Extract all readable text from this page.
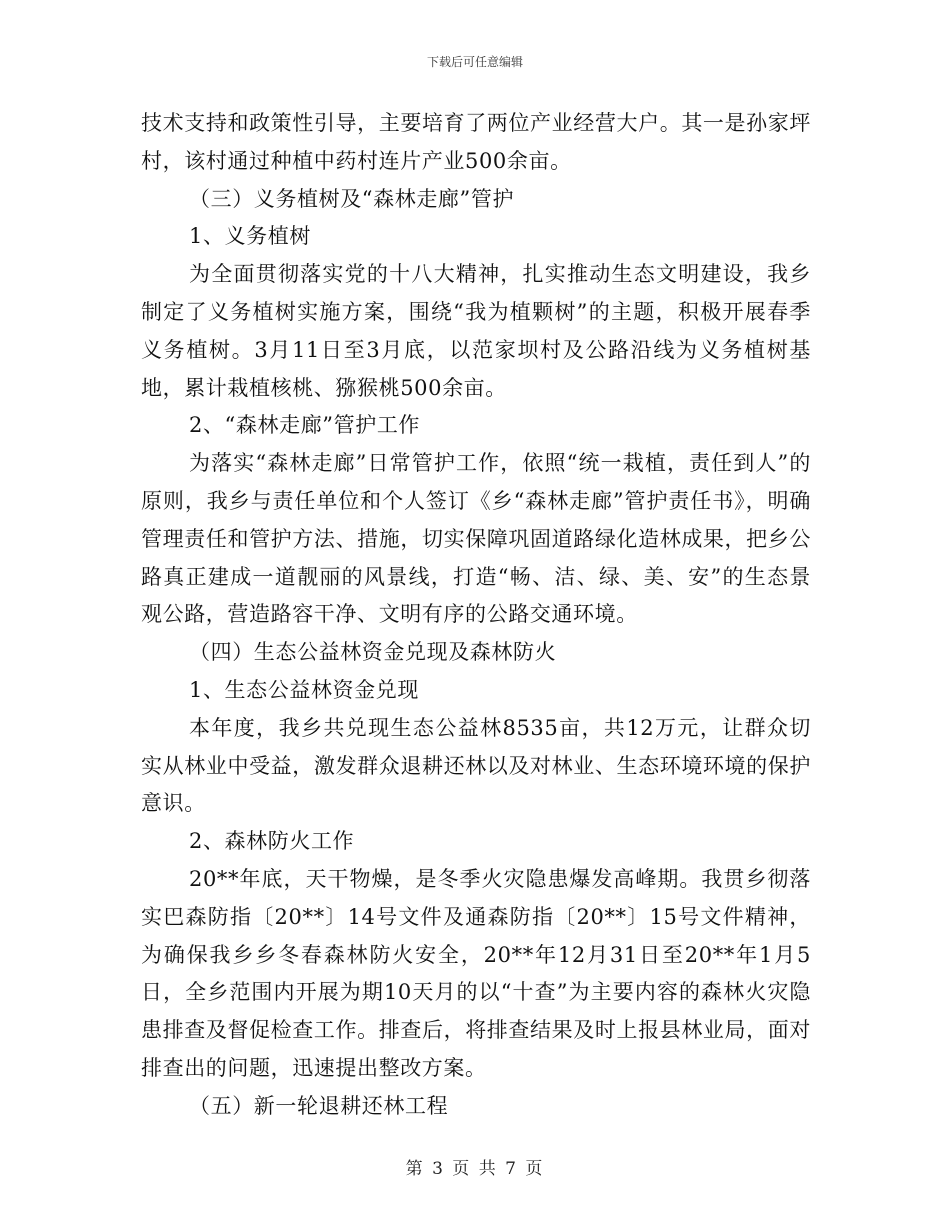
下载后可任意编辑

技术支持和政策性引导，主要培育了两位产业经营大户。其一是孙家坪村，该村通过种植中药村连片产业500余亩。

（三）义务植树及“森林走廊”管护

1、义务植树

为全面贯彻落实党的十八大精神，扎实推动生态文明建设，我乡制定了义务植树实施方案，围绕“我为植颗树”的主题，积极开展春季义务植树。3月11日至3月底，以范家坝村及公路沿线为义务植树基地，累计栽植核桃、猕猴桃500余亩。

2、“森林走廊”管护工作

为落实“森林走廊”日常管护工作，依照“统一栽植，责任到人”的原则，我乡与责任单位和个人签订《乡“森林走廊”管护责任书》，明确管理责任和管护方法、措施，切实保障巩固道路绿化造林成果，把乡公路真正建成一道靓丽的风景线，打造“畅、洁、绿、美、安”的生态景观公路，营造路容干净、文明有序的公路交通环境。

（四）生态公益林资金兑现及森林防火

1、生态公益林资金兑现

本年度，我乡共兑现生态公益林8535亩，共12万元，让群众切实从林业中受益，激发群众退耕还林以及对林业、生态环境环境的保护意识。

2、森林防火工作

20**年底，天干物燥，是冬季火灾隐患爆发高峰期。我贯乡彻落实巴森防指〔20**〕14号文件及通森防指〔20**〕15号文件精神，为确保我乡乡冬春森林防火安全，20**年12月31日至20**年1月5日，全乡范围内开展为期10天月的以“十查”为主要内容的森林火灾隐患排查及督促检查工作。排查后，将排查结果及时上报县林业局，面对排查出的问题，迅速提出整改方案。

（五）新一轮退耕还林工程

第 3 页 共 7 页
